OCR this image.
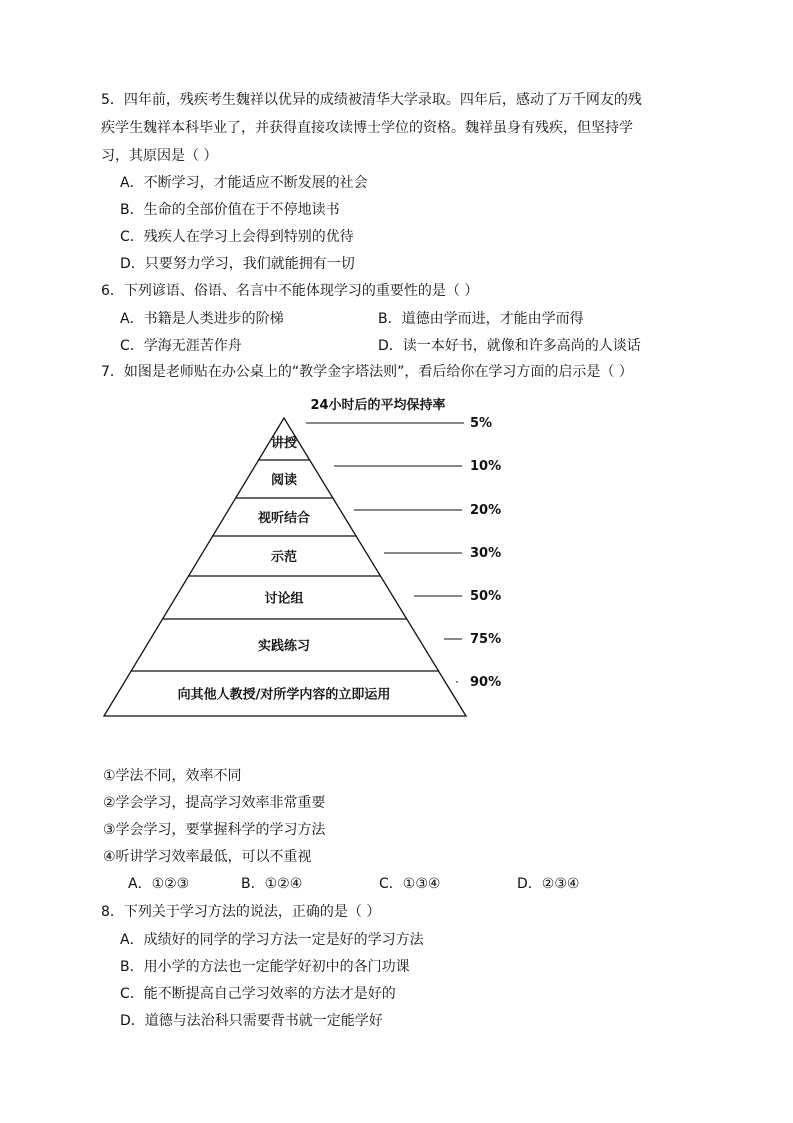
5．四年前，残疾考生魏祥以优异的成绩被清华大学录取。四年后，感动了万千网友的残
疾学生魏祥本科毕业了，并获得直接攻读博士学位的资格。魏祥虽身有残疾，但坚持学
习，其原因是（ ）
A．不断学习，才能适应不断发展的社会
B．生命的全部价值在于不停地读书
C．残疾人在学习上会得到特别的优待
D．只要努力学习，我们就能拥有一切
6．下列谚语、俗语、名言中不能体现学习的重要性的是（ ）
A．书籍是人类进步的阶梯	B．道德由学而进，才能由学而得
C．学海无涯苦作舟	D．读一本好书，就像和许多高尚的人谈话
7．如图是老师贴在办公桌上的“教学金字塔法则”，看后给你在学习方面的启示是（ ）
24小时后的平均保持率
讲授
5%
阅读
10%
视听结合
20%
示范	30%
讨论组	50%
实践练习	75%
向其他人教授/对所学内容的立即运用
90%
①学法不同，效率不同
②学会学习，提高学习效率非常重要
③学会学习，要掌握科学的学习方法
④听讲学习效率最低，可以不重视
A．①②③	B．①②④	C．①③④	D．②③④
8．下列关于学习方法的说法，正确的是（ ）
A．成绩好的同学的学习方法一定是好的学习方法
B．用小学的方法也一定能学好初中的各门功课
C．能不断提高自己学习效率的方法才是好的
D．道德与法治科只需要背书就一定能学好
